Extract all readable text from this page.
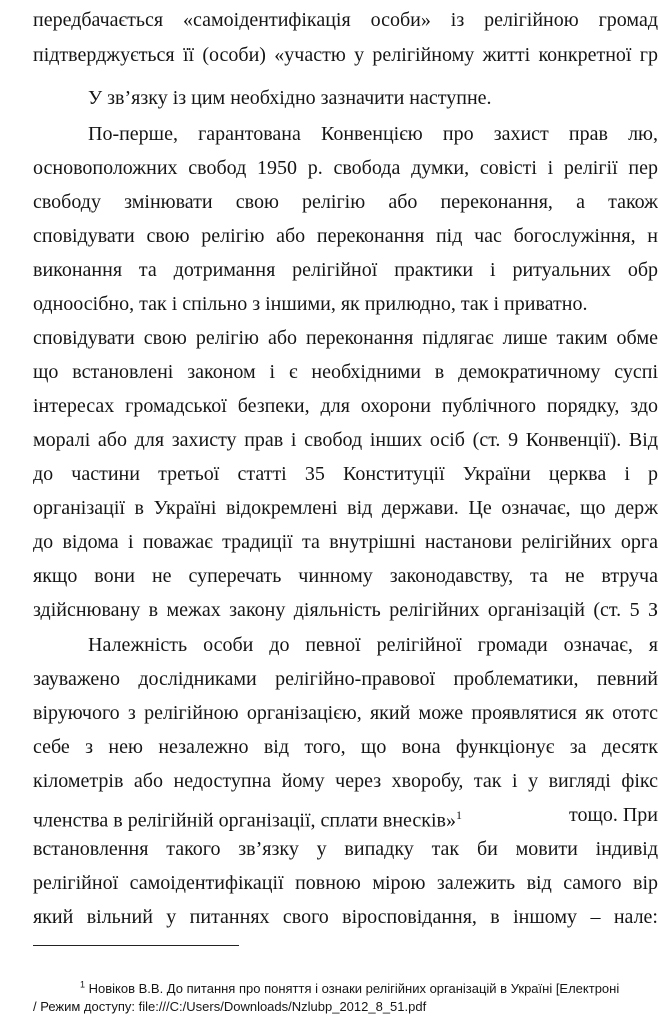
передбачається «самоідентифікація особи» із релігійною громад
підтверджується її (особи) «участю у релігійному житті конкретної гр
У зв’язку із цим необхідно зазначити наступне.
По-перше, гарантована Конвенцією про захист прав лю,
основоположних свобод 1950 р. свобода думки, совісті і релігії пер
свободу змінювати свою релігію або переконання, а також
сповідувати свою релігію або переконання під час богослужіння, н
виконання та дотримання релігійної практики і ритуальних обр
одноосібно, так і спільно з іншими, як прилюдно, так і приватно.
сповідувати свою релігію або переконання підлягає лише таким обме
що встановлені законом і є необхідними в демократичному суспі
інтересах громадської безпеки, для охорони публічного порядку, здо
моралі або для захисту прав і свобод інших осіб (ст. 9 Конвенції). Від
до частини третьої статті 35 Конституції України церква і р
організації в Україні відокремлені від держави. Це означає, що держ
до відома і поважає традиції та внутрішні настанови релігійних орга
якщо вони не суперечать чинному законодавству, та не втруча
здійснювану в межах закону діяльність релігійних організацій (ст. 5 З
Належність особи до певної релігійної громади означає, я
зауважено дослідниками релігійно-правової проблематики, певний
віруючого з релігійною організацією, який може проявлятися як ототс
себе з нею незалежно від того, що вона функціонує за десятк
кілометрів або недоступна йому через хворобу, так і у вигляді фікс
членства в релігійній організації, сплати внесків»$^1$	тощо. При
встановлення такого зв’язку у випадку так би мовити індивід
релігійної самоідентифікації повною мірою залежить від самого вір
який вільний у питаннях свого віросповідання, в іншому – нале:
$^1$ Новіков В.В. До питання про поняття і ознаки релігійних організацій в Україні [Електроні
/ Режим доступу: file:///C:/Users/Downloads/Nzlubp_2012_8_51.pdf
